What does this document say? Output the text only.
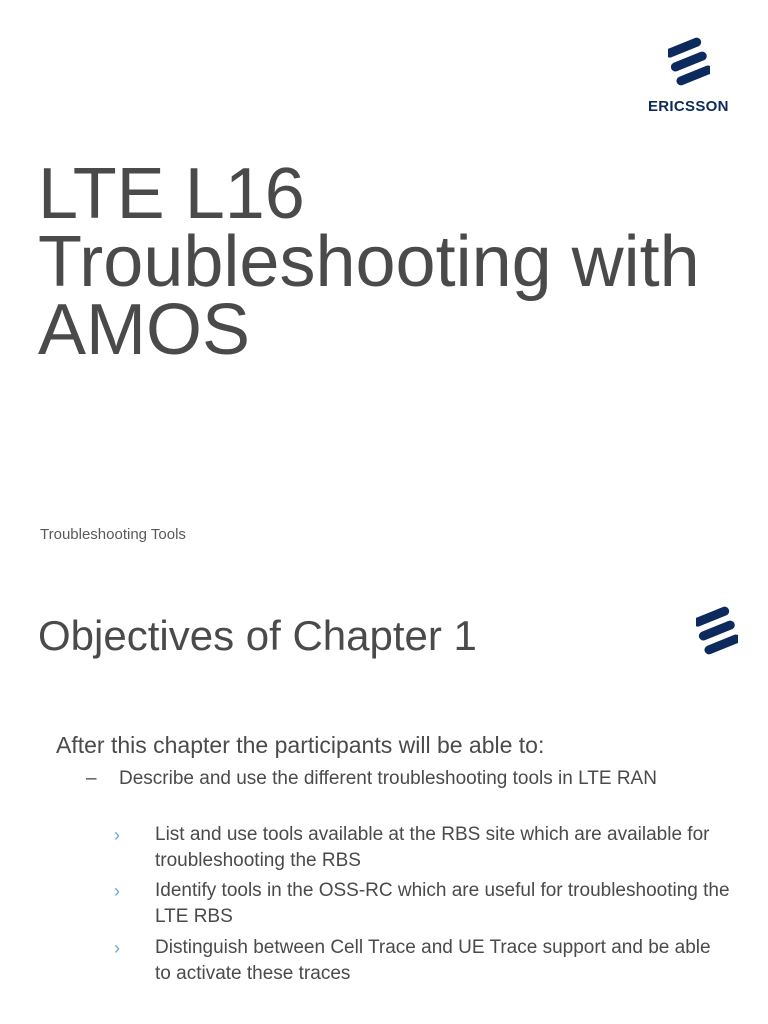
ERICSSON
LTE L16
Troubleshooting with
AMOS
Troubleshooting Tools
Objectives of Chapter 1
After this chapter the participants will be able to:
– Describe and use the different troubleshooting tools in LTE RAN
› List and use tools available at the RBS site which are available for troubleshooting the RBS
› Identify tools in the OSS-RC which are useful for troubleshooting the LTE RBS
› Distinguish between Cell Trace and UE Trace support and be able to activate these traces
